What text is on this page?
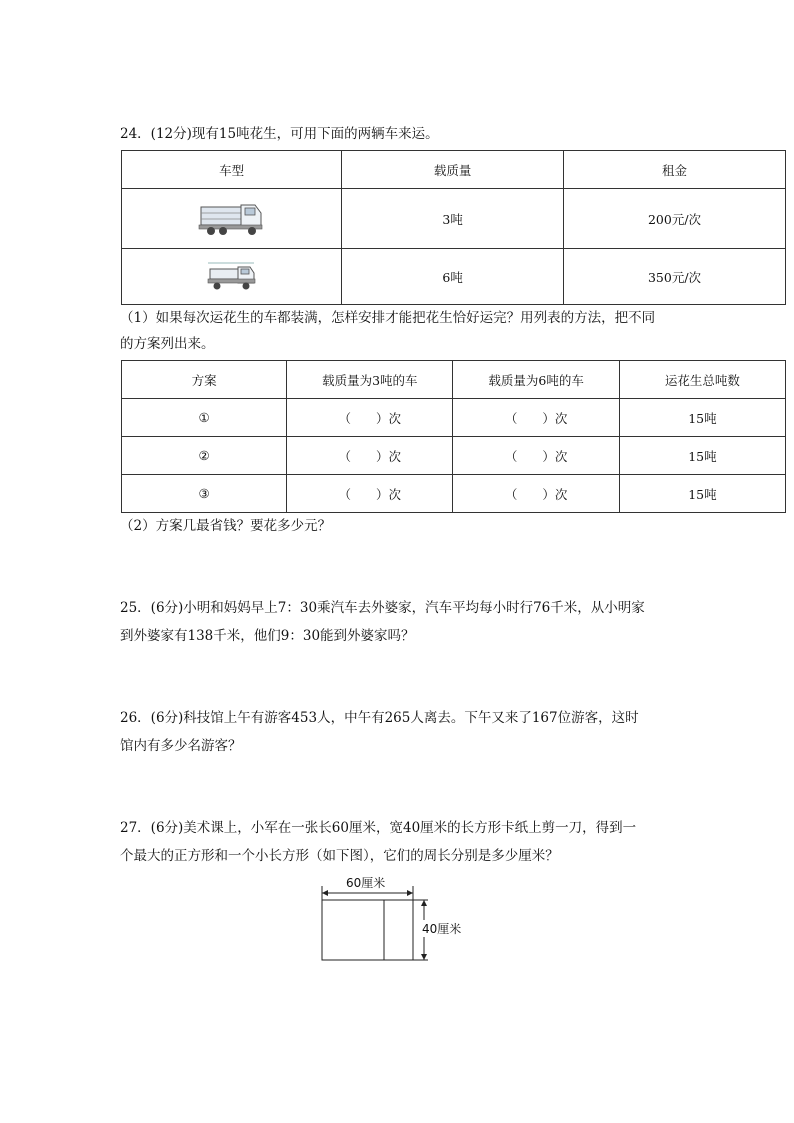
24．(12分)现有15吨花生，可用下面的两辆车来运。
车型	载质量	租金
	3吨	200元/次
	6吨	350元/次
（1）如果每次运花生的车都装满，怎样安排才能把花生恰好运完？用列表的方法，把不同
的方案列出来。
方案	载质量为3吨的车	载质量为6吨的车	运花生总吨数
①	（　　）次	（　　）次	15吨
②	（　　）次	（　　）次	15吨
③	（　　）次	（　　）次	15吨
（2）方案几最省钱？要花多少元？
25．(6分)小明和妈妈早上7：30乘汽车去外婆家，汽车平均每小时行76千米，从小明家
到外婆家有138千米，他们9：30能到外婆家吗？
26．(6分)科技馆上午有游客453人，中午有265人离去。下午又来了167位游客，这时
馆内有多少名游客？
27．(6分)美术课上，小军在一张长60厘米，宽40厘米的长方形卡纸上剪一刀，得到一
个最大的正方形和一个小长方形（如下图），它们的周长分别是多少厘米？
60厘米
40厘米
